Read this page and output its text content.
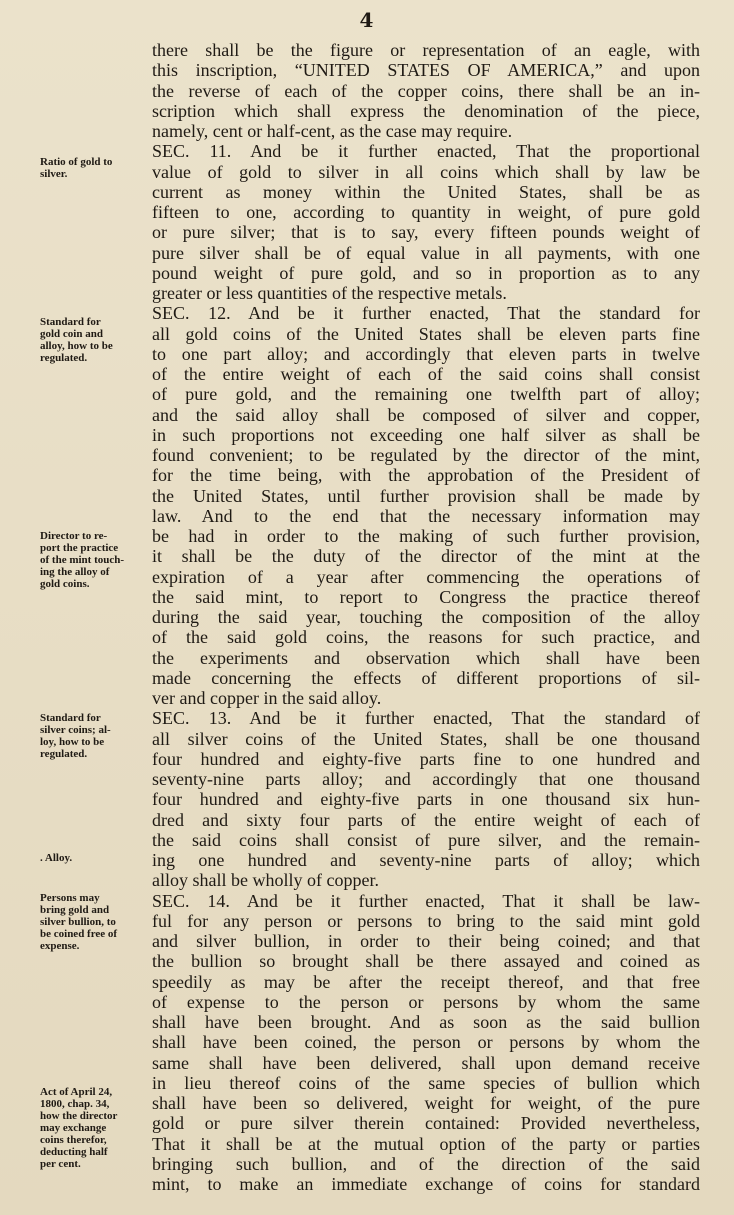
4
Ratio of gold to
silver.
Standard for
gold coin and
alloy, how to be
regulated.
Director to re-
port the practice
of the mint touch-
ing the alloy of
gold coins.
Standard for
silver coins; al-
loy, how to be
regulated.
. Alloy.
Persons may
bring gold and
silver bullion, to
be coined free of
expense.
Act of April 24,
1800, chap. 34,
how the director
may exchange
coins therefor,
deducting half
per cent.
there shall be the figure or representation of an eagle, with
this inscription, “UNITED STATES OF AMERICA,” and upon
the reverse of each of the copper coins, there shall be an in-
scription which shall express the denomination of the piece,
namely, cent or half-cent, as the case may require.
SEC. 11. And be it further enacted, That the proportional
value of gold to silver in all coins which shall by law be
current as money within the United States, shall be as
fifteen to one, according to quantity in weight, of pure gold
or pure silver; that is to say, every fifteen pounds weight of
pure silver shall be of equal value in all payments, with one
pound weight of pure gold, and so in proportion as to any
greater or less quantities of the respective metals.
SEC. 12. And be it further enacted, That the standard for
all gold coins of the United States shall be eleven parts fine
to one part alloy; and accordingly that eleven parts in twelve
of the entire weight of each of the said coins shall consist
of pure gold, and the remaining one twelfth part of alloy;
and the said alloy shall be composed of silver and copper,
in such proportions not exceeding one half silver as shall be
found convenient; to be regulated by the director of the mint,
for the time being, with the approbation of the President of
the United States, until further provision shall be made by
law. And to the end that the necessary information may
be had in order to the making of such further provision,
it shall be the duty of the director of the mint at the
expiration of a year after commencing the operations of
the said mint, to report to Congress the practice thereof
during the said year, touching the composition of the alloy
of the said gold coins, the reasons for such practice, and
the experiments and observation which shall have been
made concerning the effects of different proportions of sil-
ver and copper in the said alloy.
SEC. 13. And be it further enacted, That the standard of
all silver coins of the United States, shall be one thousand
four hundred and eighty-five parts fine to one hundred and
seventy-nine parts alloy; and accordingly that one thousand
four hundred and eighty-five parts in one thousand six hun-
dred and sixty four parts of the entire weight of each of
the said coins shall consist of pure silver, and the remain-
ing one hundred and seventy-nine parts of alloy; which
alloy shall be wholly of copper.
SEC. 14. And be it further enacted, That it shall be law-
ful for any person or persons to bring to the said mint gold
and silver bullion, in order to their being coined; and that
the bullion so brought shall be there assayed and coined as
speedily as may be after the receipt thereof, and that free
of expense to the person or persons by whom the same
shall have been brought. And as soon as the said bullion
shall have been coined, the person or persons by whom the
same shall have been delivered, shall upon demand receive
in lieu thereof coins of the same species of bullion which
shall have been so delivered, weight for weight, of the pure
gold or pure silver therein contained: Provided nevertheless,
That it shall be at the mutual option of the party or parties
bringing such bullion, and of the direction of the said
mint, to make an immediate exchange of coins for standard
